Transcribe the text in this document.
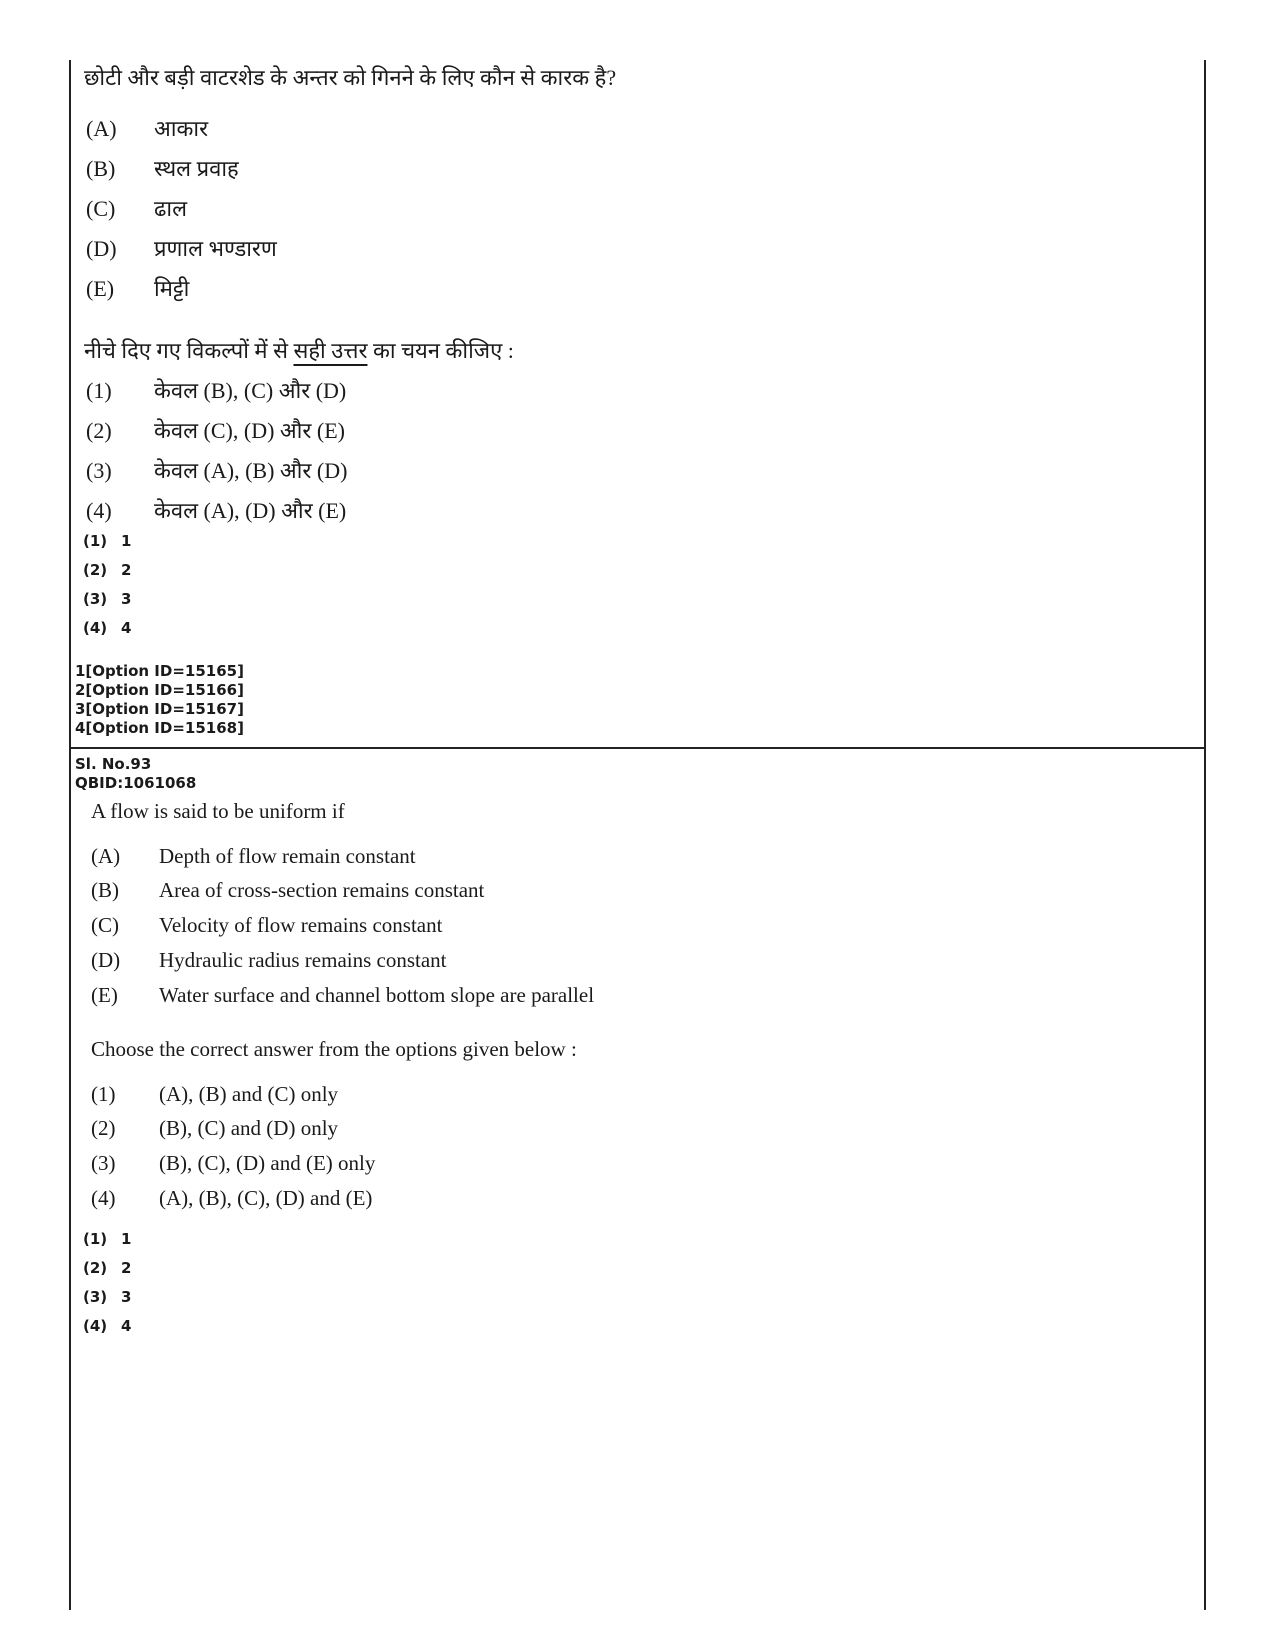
छोटी और बड़ी वाटरशेड के अन्तर को गिनने के लिए कौन से कारक है?
(A) आकार
(B) स्थल प्रवाह
(C) ढाल
(D) प्रणाल भण्डारण
(E) मिट्टी
नीचे दिए गए विकल्पों में से सही उत्तर का चयन कीजिए :
(1) केवल (B), (C) और (D)
(2) केवल (C), (D) और (E)
(3) केवल (A), (B) और (D)
(4) केवल (A), (D) और (E)
(1) 1
(2) 2
(3) 3
(4) 4
1[Option ID=15165]
2[Option ID=15166]
3[Option ID=15167]
4[Option ID=15168]
Sl. No.93
QBID:1061068
A flow is said to be uniform if
(A) Depth of flow remain constant
(B) Area of cross-section remains constant
(C) Velocity of flow remains constant
(D) Hydraulic radius remains constant
(E) Water surface and channel bottom slope are parallel
Choose the correct answer from the options given below :
(1) (A), (B) and (C) only
(2) (B), (C) and (D) only
(3) (B), (C), (D) and (E) only
(4) (A), (B), (C), (D) and (E)
(1) 1
(2) 2
(3) 3
(4) 4
